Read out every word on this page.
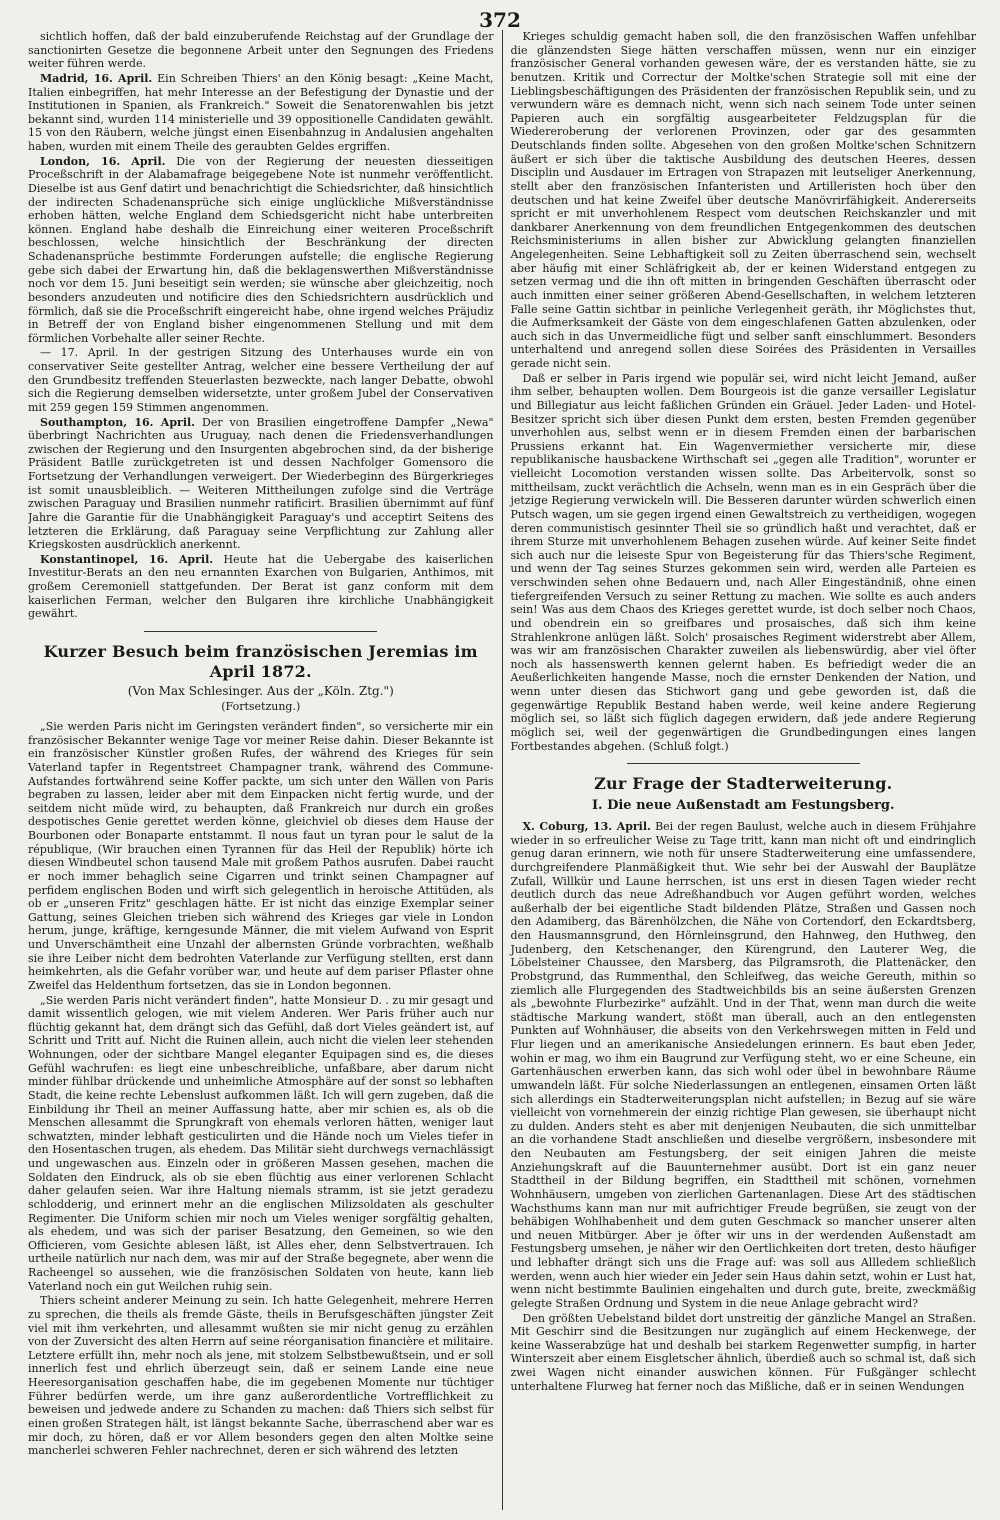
372

sichtlich hoffen, daß der bald einzuberufende Reichstag auf der Grundlage der sanctionirten Gesetze die begonnene Arbeit unter den Segnungen des Friedens weiter führen werde.

Madrid, 16. April. Ein Schreiben Thiers' an den König besagt: „Keine Macht, Italien einbegriffen, hat mehr Interesse an der Befestigung der Dynastie und der Institutionen in Spanien, als Frankreich." Soweit die Senatorenwahlen bis jetzt bekannt sind, wurden 114 ministerielle und 39 oppositionelle Candidaten gewählt. 15 von den Räubern, welche jüngst einen Eisenbahnzug in Andalusien angehalten haben, wurden mit einem Theile des geraubten Geldes ergriffen.

London, 16. April. Die von der Regierung der neuesten diesseitigen Proceßschrift in der Alabamafrage beigegebene Note ist nunmehr veröffentlicht. Dieselbe ist aus Genf datirt und benachrichtigt die Schiedsrichter, daß hinsichtlich der indirecten Schadenansprüche sich einige unglückliche Mißverständnisse erhoben hätten, welche England dem Schiedsgericht nicht habe unterbreiten können. England habe deshalb die Einreichung einer weiteren Proceßschrift beschlossen, welche hinsichtlich der Beschränkung der directen Schadenansprüche bestimmte Forderungen aufstelle; die englische Regierung gebe sich dabei der Erwartung hin, daß die beklagenswerthen Mißverständnisse noch vor dem 15. Juni beseitigt sein werden; sie wünsche aber gleichzeitig, noch besonders anzudeuten und notificire dies den Schiedsrichtern ausdrücklich und förmlich, daß sie die Proceßschrift eingereicht habe, ohne irgend welches Präjudiz in Betreff der von England bisher eingenommenen Stellung und mit dem förmlichen Vorbehalte aller seiner Rechte.

— 17. April. In der gestrigen Sitzung des Unterhauses wurde ein von conservativer Seite gestellter Antrag, welcher eine bessere Vertheilung der auf den Grundbesitz treffenden Steuerlasten bezweckte, nach langer Debatte, obwohl sich die Regierung demselben widersetzte, unter großem Jubel der Conservativen mit 259 gegen 159 Stimmen angenommen.

Southampton, 16. April. Der von Brasilien eingetroffene Dampfer „Newa" überbringt Nachrichten aus Uruguay, nach denen die Friedensverhandlungen zwischen der Regierung und den Insurgenten abgebrochen sind, da der bisherige Präsident Batlle zurückgetreten ist und dessen Nachfolger Gomensoro die Fortsetzung der Verhandlungen verweigert. Der Wiederbeginn des Bürgerkrieges ist somit unausbleiblich. — Weiteren Mittheilungen zufolge sind die Verträge zwischen Paraguay und Brasilien nunmehr ratificirt. Brasilien übernimmt auf fünf Jahre die Garantie für die Unabhängigkeit Paraguay's und acceptirt Seitens des letzteren die Erklärung, daß Paraguay seine Verpflichtung zur Zahlung aller Kriegskosten ausdrücklich anerkennt.

Konstantinopel, 16. April. Heute hat die Uebergabe des kaiserlichen Investitur-Berats an den neu ernannten Exarchen von Bulgarien, Anthimos, mit großem Ceremoniell stattgefunden. Der Berat ist ganz conform mit dem kaiserlichen Ferman, welcher den Bulgaren ihre kirchliche Unabhängigkeit gewährt.

Kurzer Besuch beim französischen Jeremias im April 1872.
(Von Max Schlesinger. Aus der „Köln. Ztg.")
(Fortsetzung.)

„Sie werden Paris nicht im Geringsten verändert finden", so versicherte mir ein französischer Bekannter wenige Tage vor meiner Reise dahin. Dieser Bekannte ist ein französischer Künstler großen Rufes, der während des Krieges für sein Vaterland tapfer in Regentstreet Champagner trank, während des Commune-Aufstandes fortwährend seine Koffer packte, um sich unter den Wällen von Paris begraben zu lassen, leider aber mit dem Einpacken nicht fertig wurde, und der seitdem nicht müde wird, zu behaupten, daß Frankreich nur durch ein großes despotisches Genie gerettet werden könne, gleichviel ob dieses dem Hause der Bourbonen oder Bonaparte entstammt. Il nous faut un tyran pour le salut de la république, (Wir brauchen einen Tyrannen für das Heil der Republik) hörte ich diesen Windbeutel schon tausend Male mit großem Pathos ausrufen. Dabei raucht er noch immer behaglich seine Cigarren und trinkt seinen Champagner auf perfidem englischen Boden und wirft sich gelegentlich in heroische Attitüden, als ob er „unseren Fritz" geschlagen hätte. Er ist nicht das einzige Exemplar seiner Gattung, seines Gleichen trieben sich während des Krieges gar viele in London herum, junge, kräftige, kerngesunde Männer, die mit vielem Aufwand von Esprit und Unverschämtheit eine Unzahl der albernsten Gründe vorbrachten, weßhalb sie ihre Leiber nicht dem bedrohten Vaterlande zur Verfügung stellten, erst dann heimkehrten, als die Gefahr vorüber war, und heute auf dem pariser Pflaster ohne Zweifel das Heldenthum fortsetzen, das sie in London begonnen.

„Sie werden Paris nicht verändert finden", hatte Monsieur D. . zu mir gesagt und damit wissentlich gelogen, wie mit vielem Anderen. Wer Paris früher auch nur flüchtig gekannt hat, dem drängt sich das Gefühl, daß dort Vieles geändert ist, auf Schritt und Tritt auf. Nicht die Ruinen allein, auch nicht die vielen leer stehenden Wohnungen, oder der sichtbare Mangel eleganter Equipagen sind es, die dieses Gefühl wachrufen: es liegt eine unbeschreibliche, unfaßbare, aber darum nicht minder fühlbar drückende und unheimliche Atmosphäre auf der sonst so lebhaften Stadt, die keine rechte Lebenslust aufkommen läßt. Ich will gern zugeben, daß die Einbildung ihr Theil an meiner Auffassung hatte, aber mir schien es, als ob die Menschen allesammt die Sprungkraft von ehemals verloren hätten, weniger laut schwatzten, minder lebhaft gesticulirten und die Hände noch um Vieles tiefer in den Hosentaschen trugen, als ehedem. Das Militär sieht durchwegs vernachlässigt und ungewaschen aus. Einzeln oder in größeren Massen gesehen, machen die Soldaten den Eindruck, als ob sie eben flüchtig aus einer verlorenen Schlacht daher gelaufen seien. War ihre Haltung niemals stramm, ist sie jetzt geradezu schlodderig, und erinnert mehr an die englischen Milizsoldaten als geschulter Regimenter. Die Uniform schien mir noch um Vieles weniger sorgfältig gehalten, als ehedem, und was sich der pariser Besatzung, den Gemeinen, so wie den Officieren, vom Gesichte ablesen läßt, ist Alles eher, denn Selbstvertrauen. Ich urtheile natürlich nur nach dem, was mir auf der Straße begegnete, aber wenn die Racheengel so aussehen, wie die französischen Soldaten von heute, kann lieb Vaterland noch ein gut Weilchen ruhig sein.

Thiers scheint anderer Meinung zu sein. Ich hatte Gelegenheit, mehrere Herren zu sprechen, die theils als fremde Gäste, theils in Berufsgeschäften jüngster Zeit viel mit ihm verkehrten, und allesammt wußten sie mir nicht genug zu erzählen von der Zuversicht des alten Herrn auf seine réorganisation financière et militaire. Letztere erfüllt ihn, mehr noch als jene, mit stolzem Selbstbewußtsein, und er soll innerlich fest und ehrlich überzeugt sein, daß er seinem Lande eine neue Heeresorganisation geschaffen habe, die im gegebenen Momente nur tüchtiger Führer bedürfen werde, um ihre ganz außerordentliche Vortrefflichkeit zu beweisen und jedwede andere zu Schanden zu machen: daß Thiers sich selbst für einen großen Strategen hält, ist längst bekannte Sache, überraschend aber war es mir doch, zu hören, daß er vor Allem besonders gegen den alten Moltke seine mancherlei schweren Fehler nachrechnet, deren er sich während des letzten

Krieges schuldig gemacht haben soll, die den französischen Waffen unfehlbar die glänzendsten Siege hätten verschaffen müssen, wenn nur ein einziger französischer General vorhanden gewesen wäre, der es verstanden hätte, sie zu benutzen. Kritik und Correctur der Moltke'schen Strategie soll mit eine der Lieblingsbeschäftigungen des Präsidenten der französischen Republik sein, und zu verwundern wäre es demnach nicht, wenn sich nach seinem Tode unter seinen Papieren auch ein sorgfältig ausgearbeiteter Feldzugsplan für die Wiedereroberung der verlorenen Provinzen, oder gar des gesammten Deutschlands finden sollte. Abgesehen von den großen Moltke'schen Schnitzern äußert er sich über die taktische Ausbildung des deutschen Heeres, dessen Disciplin und Ausdauer im Ertragen von Strapazen mit leutseliger Anerkennung, stellt aber den französischen Infanteristen und Artilleristen hoch über den deutschen und hat keine Zweifel über deutsche Manövrirfähigkeit. Andererseits spricht er mit unverhohlenem Respect vom deutschen Reichskanzler und mit dankbarer Anerkennung von dem freundlichen Entgegenkommen des deutschen Reichsministeriums in allen bisher zur Abwicklung gelangten finanziellen Angelegenheiten. Seine Lebhaftigkeit soll zu Zeiten überraschend sein, wechselt aber häufig mit einer Schläfrigkeit ab, der er keinen Widerstand entgegen zu setzen vermag und die ihn oft mitten in bringenden Geschäften überrascht oder auch inmitten einer seiner größeren Abend-Gesellschaften, in welchem letzteren Falle seine Gattin sichtbar in peinliche Verlegenheit geräth, ihr Möglichstes thut, die Aufmerksamkeit der Gäste von dem eingeschlafenen Gatten abzulenken, oder auch sich in das Unvermeidliche fügt und selber sanft einschlummert. Besonders unterhaltend und anregend sollen diese Soirées des Präsidenten in Versailles gerade nicht sein.

Daß er selber in Paris irgend wie populär sei, wird nicht leicht Jemand, außer ihm selber, behaupten wollen. Dem Bourgeois ist die ganze versailler Legislatur und Billegiatur aus leicht faßlichen Gründen ein Gräuel. Jeder Laden- und Hotel-Besitzer spricht sich über diesen Punkt dem ersten, besten Fremden gegenüber unverhohlen aus, selbst wenn er in diesem Fremden einen der barbarischen Prussiens erkannt hat. Ein Wagenvermiether versicherte mir, diese republikanische hausbackene Wirthschaft sei „gegen alle Tradition", worunter er vielleicht Locomotion verstanden wissen sollte. Das Arbeitervolk, sonst so mittheilsam, zuckt verächtlich die Achseln, wenn man es in ein Gespräch über die jetzige Regierung verwickeln will. Die Besseren darunter würden schwerlich einen Putsch wagen, um sie gegen irgend einen Gewaltstreich zu vertheidigen, wogegen deren communistisch gesinnter Theil sie so gründlich haßt und verachtet, daß er ihrem Sturze mit unverhohlenem Behagen zusehen würde. Auf keiner Seite findet sich auch nur die leiseste Spur von Begeisterung für das Thiers'sche Regiment, und wenn der Tag seines Sturzes gekommen sein wird, werden alle Parteien es verschwinden sehen ohne Bedauern und, nach Aller Eingeständniß, ohne einen tiefergreifenden Versuch zu seiner Rettung zu machen. Wie sollte es auch anders sein! Was aus dem Chaos des Krieges gerettet wurde, ist doch selber noch Chaos, und obendrein ein so greifbares und prosaisches, daß sich ihm keine Strahlenkrone anlügen läßt. Solch' prosaisches Regiment widerstrebt aber Allem, was wir am französischen Charakter zuweilen als liebenswürdig, aber viel öfter noch als hassenswerth kennen gelernt haben. Es befriedigt weder die an Aeußerlichkeiten hangende Masse, noch die ernster Denkenden der Nation, und wenn unter diesen das Stichwort gang und gebe geworden ist, daß die gegenwärtige Republik Bestand haben werde, weil keine andere Regierung möglich sei, so läßt sich füglich dagegen erwidern, daß jede andere Regierung möglich sei, weil der gegenwärtigen die Grundbedingungen eines langen Fortbestandes abgehen. (Schluß folgt.)

Zur Frage der Stadterweiterung.
I. Die neue Außenstadt am Festungsberg.

X. Coburg, 13. April. Bei der regen Baulust, welche auch in diesem Frühjahre wieder in so erfreulicher Weise zu Tage tritt, kann man nicht oft und eindringlich genug daran erinnern, wie noth für unsere Stadterweiterung eine umfassendere, durchgreifendere Planmäßigkeit thut. Wie sehr bei der Auswahl der Bauplätze Zufall, Willkür und Laune herrschen, ist uns erst in diesen Tagen wieder recht deutlich durch das neue Adreßhandbuch vor Augen geführt worden, welches außerhalb der bei eigentliche Stadt bildenden Plätze, Straßen und Gassen noch den Adamiberg, das Bärenhölzchen, die Nähe von Cortendorf, den Eckardtsberg, den Hausmannsgrund, den Hörnleinsgrund, den Hahnweg, den Huthweg, den Judenberg, den Ketschenanger, den Kürengrund, den Lauterer Weg, die Löbelsteiner Chaussee, den Marsberg, das Pilgramsroth, die Plattenäcker, den Probstgrund, das Rummenthal, den Schleifweg, das weiche Gereuth, mithin so ziemlich alle Flurgegenden des Stadtweichbilds bis an seine äußersten Grenzen als „bewohnte Flurbezirke" aufzählt. Und in der That, wenn man durch die weite städtische Markung wandert, stößt man überall, auch an den entlegensten Punkten auf Wohnhäuser, die abseits von den Verkehrswegen mitten in Feld und Flur liegen und an amerikanische Ansiedelungen erinnern. Es baut eben Jeder, wohin er mag, wo ihm ein Baugrund zur Verfügung steht, wo er eine Scheune, ein Gartenhäuschen erwerben kann, das sich wohl oder übel in bewohnbare Räume umwandeln läßt. Für solche Niederlassungen an entlegenen, einsamen Orten läßt sich allerdings ein Stadterweiterungsplan nicht aufstellen; in Bezug auf sie wäre vielleicht von vornehmerein der einzig richtige Plan gewesen, sie überhaupt nicht zu dulden. Anders steht es aber mit denjenigen Neubauten, die sich unmittelbar an die vorhandene Stadt anschließen und dieselbe vergrößern, insbesondere mit den Neubauten am Festungsberg, der seit einigen Jahren die meiste Anziehungskraft auf die Bauunternehmer ausübt. Dort ist ein ganz neuer Stadttheil in der Bildung begriffen, ein Stadttheil mit schönen, vornehmen Wohnhäusern, umgeben von zierlichen Gartenanlagen. Diese Art des städtischen Wachsthums kann man nur mit aufrichtiger Freude begrüßen, sie zeugt von der behäbigen Wohlhabenheit und dem guten Geschmack so mancher unserer alten und neuen Mitbürger. Aber je öfter wir uns in der werdenden Außenstadt am Festungsberg umsehen, je näher wir den Oertlichkeiten dort treten, desto häufiger und lebhafter drängt sich uns die Frage auf: was soll aus Allledem schließlich werden, wenn auch hier wieder ein Jeder sein Haus dahin setzt, wohin er Lust hat, wenn nicht bestimmte Baulinien eingehalten und durch gute, breite, zweckmäßig gelegte Straßen Ordnung und System in die neue Anlage gebracht wird?

Den größten Uebelstand bildet dort unstreitig der gänzliche Mangel an Straßen. Mit Geschirr sind die Besitzungen nur zugänglich auf einem Heckenwege, der keine Wasserabzüge hat und deshalb bei starkem Regenwetter sumpfig, in harter Winterszeit aber einem Eisgletscher ähnlich, überdieß auch so schmal ist, daß sich zwei Wagen nicht einander auswichen können. Für Fußgänger schlecht unterhaltene Flurweg hat ferner noch das Mißliche, daß er in seinen Wendungen
